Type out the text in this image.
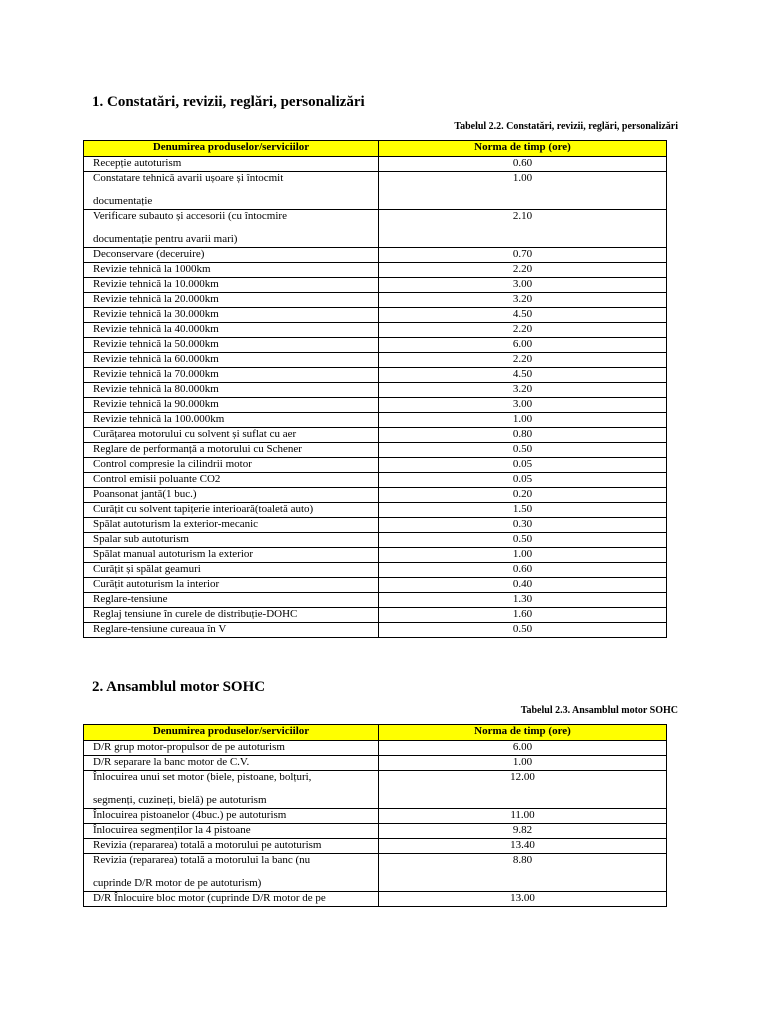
1. Constatări, revizii, reglări, personalizări

Tabelul 2.2. Constatări, revizii, reglări, personalizări

Denumirea produselor/serviciilor	Norma de timp (ore)
Recepție autoturism	0.60
Constatare tehnică avarii ușoare și întocmit
documentație	1.00
Verificare subauto și accesorii (cu întocmire
documentație pentru avarii mari)	2.10
Deconservare (deceruire)	0.70
Revizie tehnică la 1000km	2.20
Revizie tehnică la 10.000km	3.00
Revizie tehnică la 20.000km	3.20
Revizie tehnică la 30.000km	4.50
Revizie tehnică la 40.000km	2.20
Revizie tehnică la 50.000km	6.00
Revizie tehnică la 60.000km	2.20
Revizie tehnică la 70.000km	4.50
Revizie tehnică la 80.000km	3.20
Revizie tehnică la 90.000km	3.00
Revizie tehnică la 100.000km	1.00
Curățarea motorului cu solvent și suflat cu aer	0.80
Reglare de performanță a motorului cu Schener	0.50
Control compresie la cilindrii motor	0.05
Control emisii poluante CO2	0.05
Poansonat jantă(1 buc.)	0.20
Curățit cu solvent tapițerie interioară(toaletă auto)	1.50
Spălat autoturism la exterior-mecanic	0.30
Spalar sub autoturism	0.50
Spălat manual autoturism la exterior	1.00
Curățit și spălat geamuri	0.60
Curățit autoturism la interior	0.40
Reglare-tensiune	1.30
Reglaj tensiune în curele de distribuție-DOHC	1.60
Reglare-tensiune cureaua în V	0.50
2. Ansamblul motor SOHC

Tabelul 2.3. Ansamblul motor SOHC

Denumirea produselor/serviciilor	Norma de timp (ore)
D/R grup motor-propulsor de pe autoturism	6.00
D/R separare la banc motor de C.V.	1.00
Înlocuirea unui set motor (biele, pistoane, bolțuri,
segmenți, cuzineți, bielă) pe autoturism	12.00
Înlocuirea pistoanelor (4buc.) pe autoturism	11.00
Înlocuirea segmenților la 4 pistoane	9.82
Revizia (repararea) totală a motorului pe autoturism	13.40
Revizia (repararea) totală a motorului la banc (nu
cuprinde D/R motor de pe autoturism)	8.80
D/R Înlocuire bloc motor (cuprinde D/R motor de pe	13.00
